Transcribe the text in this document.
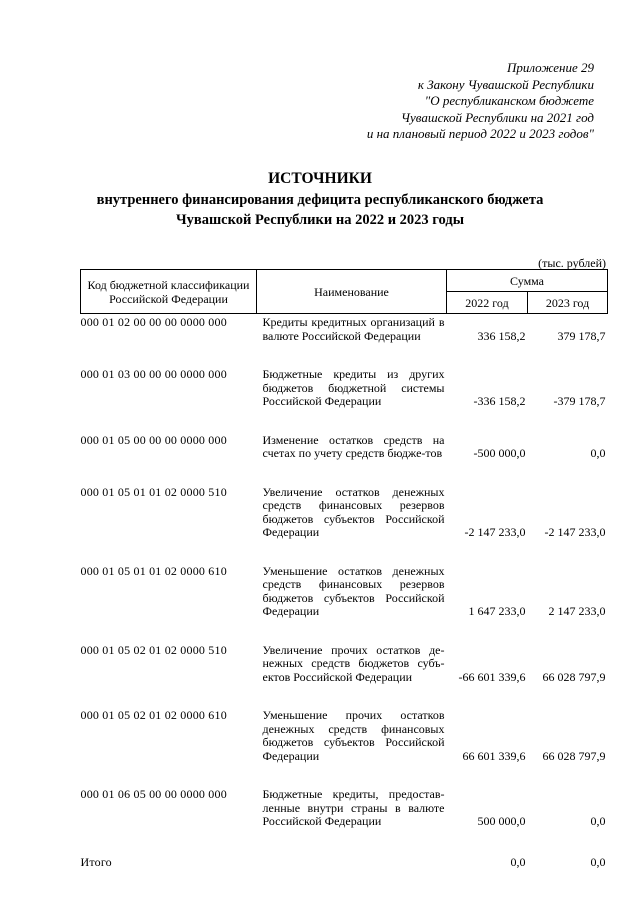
Приложение 29
к Закону Чувашской Республики
"О республиканском бюджете
Чувашской Республики на 2021 год
и на плановый период 2022 и 2023 годов"
ИСТОЧНИКИ
внутреннего финансирования дефицита республиканского бюджета
Чувашской Республики на 2022 и 2023 годы
(тыс. рублей)
Код бюджетной классификации Российской Федерации	Наименование	Сумма	
		2022 год	2023 год
000 01 02 00 00 00 0000 000	Кредиты кредитных организаций в валюте Российской Федерации	336 158,2	379 178,7
000 01 03 00 00 00 0000 000	Бюджетные кредиты из других бюджетов бюджетной системы Российской Федерации	-336 158,2	-379 178,7
000 01 05 00 00 00 0000 000	Изменение остатков средств на счетах по учету средств бюдже-тов	-500 000,0	0,0
000 01 05 01 01 02 0000 510	Увеличение остатков денежных средств финансовых резервов бюджетов субъектов Российской Федерации	-2 147 233,0	-2 147 233,0
000 01 05 01 01 02 0000 610	Уменьшение остатков денежных средств финансовых резервов бюджетов субъектов Российской Федерации	1 647 233,0	2 147 233,0
000 01 05 02 01 02 0000 510	Увеличение прочих остатков де-нежных средств бюджетов субъ-ектов Российской Федерации	-66 601 339,6	66 028 797,9
000 01 05 02 01 02 0000 610	Уменьшение прочих остатков денежных средств финансовых бюджетов субъектов Российской Федерации	66 601 339,6	66 028 797,9
000 01 06 05 00 00 0000 000	Бюджетные кредиты, предостав-ленные внутри страны в валюте Российской Федерации	500 000,0	0,0
Итого		0,0	0,0
